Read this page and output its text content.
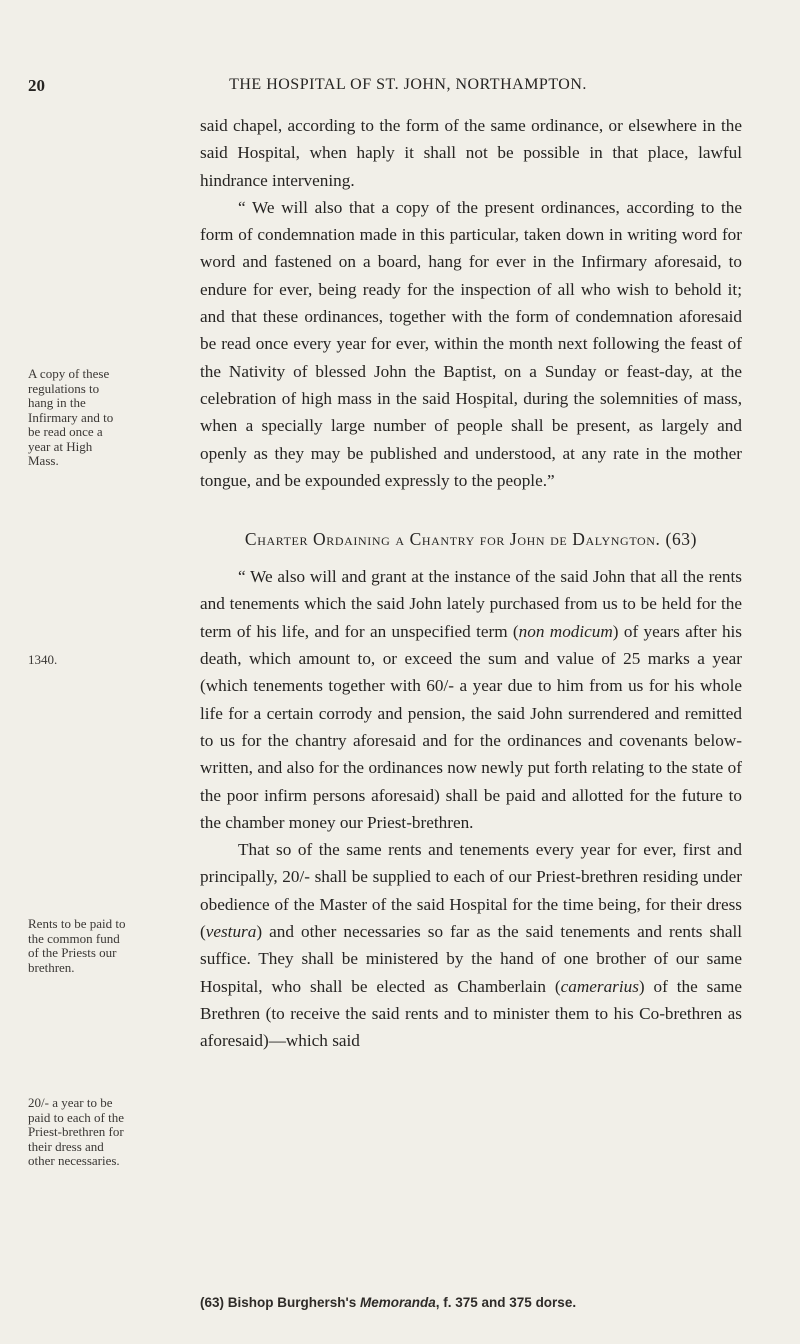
20	THE HOSPITAL OF ST. JOHN, NORTHAMPTON.

said chapel, according to the form of the same ordinance, or elsewhere in the said Hospital, when haply it shall not be possible in that place, lawful hindrance intervening.

“ We will also that a copy of the present ordinances, according to the form of condemnation made in this particular, taken down in writing word for word and fastened on a board, hang for ever in the Infirmary aforesaid, to endure for ever, being ready for the inspection of all who wish to behold it; and that these ordinances, together with the form of condemnation aforesaid be read once every year for ever, within the month next following the feast of the Nativity of blessed John the Baptist, on a Sunday or feast-day, at the celebration of high mass in the said Hospital, during the solemnities of mass, when a specially large number of people shall be present, as largely and openly as they may be published and understood, at any rate in the mother tongue, and be expounded expressly to the people.”

Charter Ordaining a Chantry for John de Dalyngton. (63)

“ We also will and grant at the instance of the said John that all the rents and tenements which the said John lately purchased from us to be held for the term of his life, and for an unspecified term (non modicum) of years after his death, which amount to, or exceed the sum and value of 25 marks a year (which tenements together with 60/- a year due to him from us for his whole life for a certain corrody and pension, the said John surrendered and remitted to us for the chantry aforesaid and for the ordinances and covenants below-written, and also for the ordinances now newly put forth relating to the state of the poor infirm persons aforesaid) shall be paid and allotted for the future to the chamber money our Priest-brethren.

That so of the same rents and tenements every year for ever, first and principally, 20/- shall be supplied to each of our Priest-brethren residing under obedience of the Master of the said Hospital for the time being, for their dress (vestura) and other necessaries so far as the said tenements and rents shall suffice. They shall be ministered by the hand of one brother of our same Hospital, who shall be elected as Chamberlain (camerarius) of the same Brethren (to receive the said rents and to minister them to his Co-brethren as aforesaid)—which said

A copy of these regulations to hang in the Infirmary and to be read once a year at High Mass.
1340.
Rents to be paid to the common fund of the Priests our brethren.
20/- a year to be paid to each of the Priest-brethren for their dress and other necessaries.
(63) Bishop Burghersh's Memoranda, f. 375 and 375 dorse.
